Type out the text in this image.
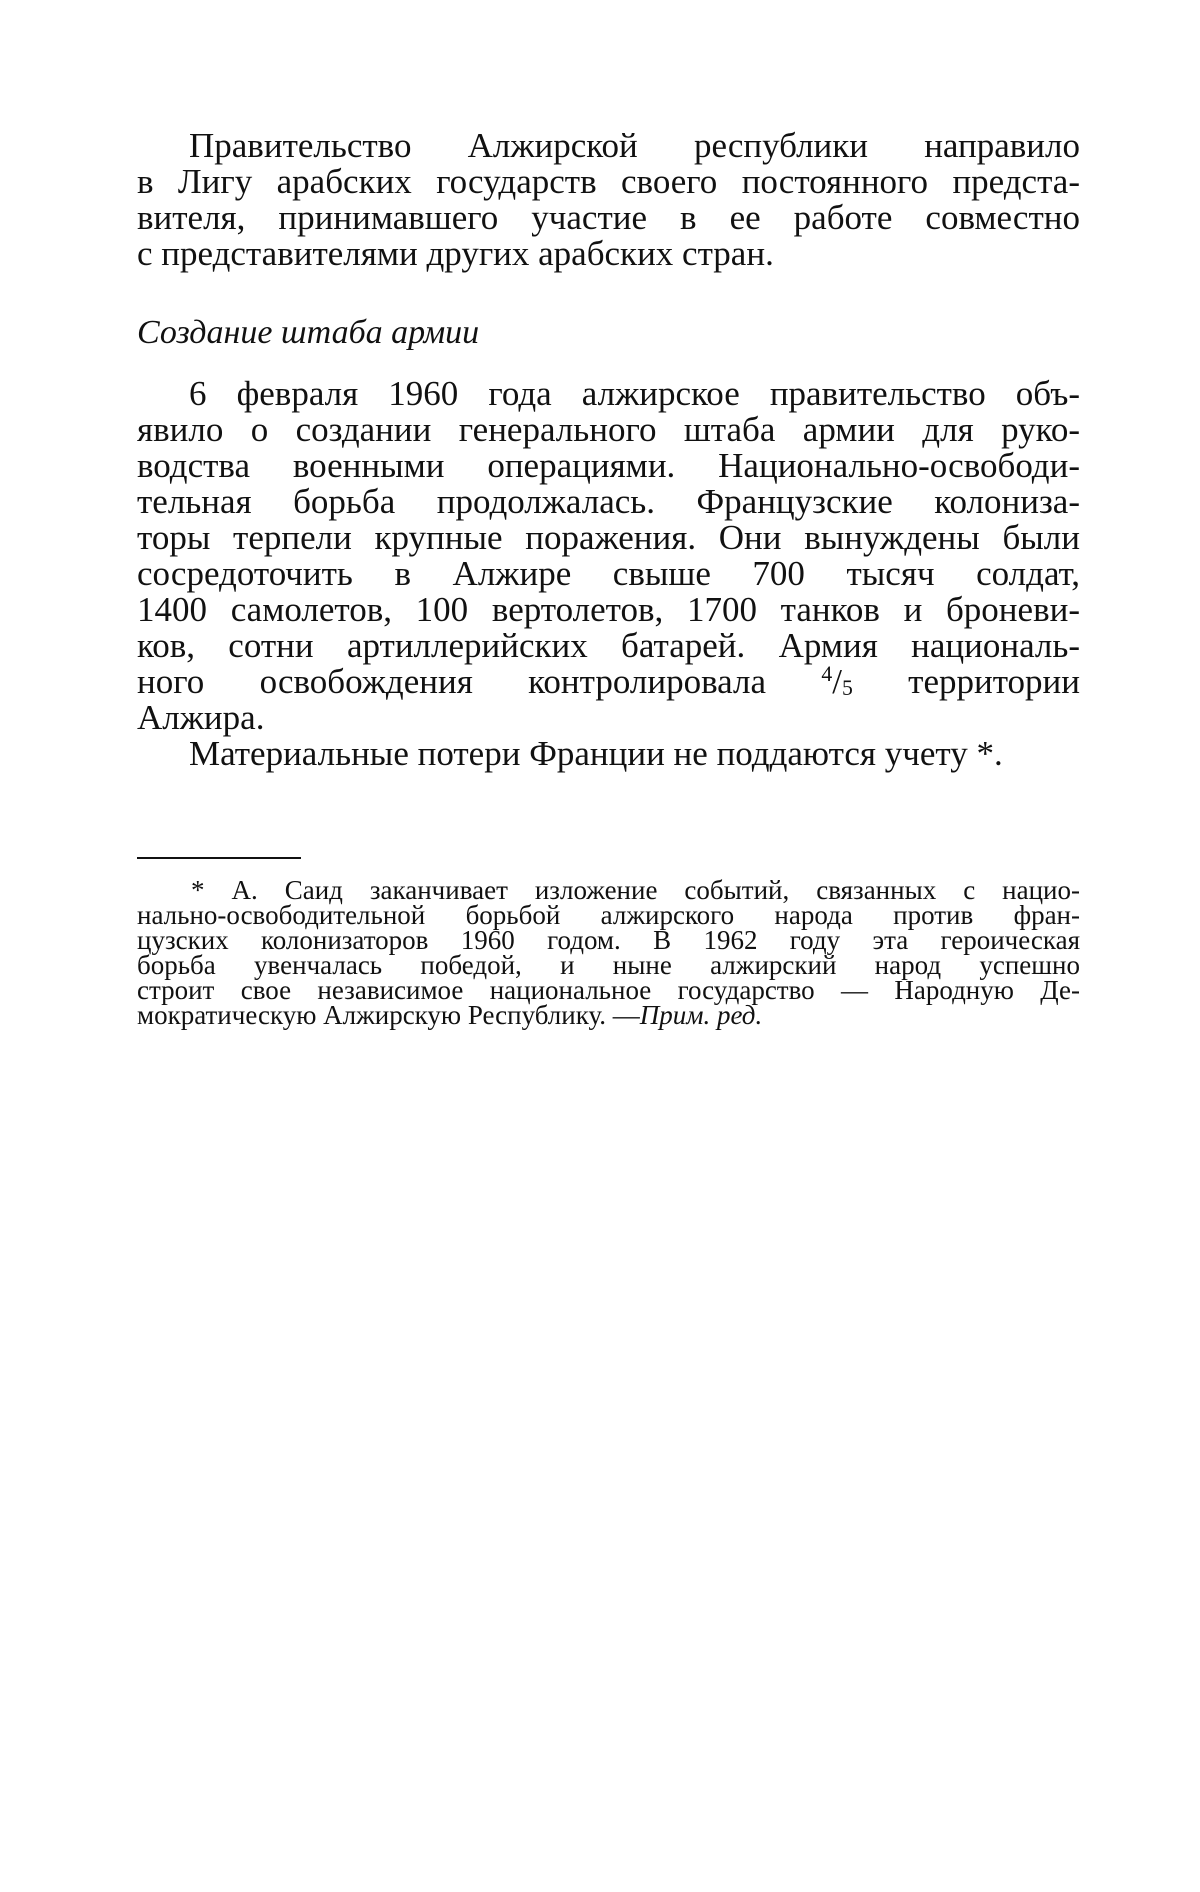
Правительство Алжирской республики направило
в Лигу арабских государств своего постоянного предста-
вителя, принимавшего участие в ее работе совместно
с представителями других арабских стран.
Создание штаба армии
6 февраля 1960 года алжирское правительство объ-
явило о создании генерального штаба армии для руко-
водства военными операциями. Национально-освободи-
тельная борьба продолжалась. Французские колониза-
торы терпели крупные поражения. Они вынуждены были
сосредоточить в Алжире свыше 700 тысяч солдат,
1400 самолетов, 100 вертолетов, 1700 танков и броневи-
ков, сотни артиллерийских батарей. Армия националь-
ного освобождения контролировала	$^4/_5$ территории
Алжира.
Материальные потери Франции не поддаются учету *.
* А. Саид заканчивает изложение событий, связанных с нацио-
нально-освободительной борьбой алжирского народа против фран-
цузских колонизаторов 1960 годом. В 1962 году эта героическая
борьба увенчалась победой, и ныне алжирский народ успешно
строит свое независимое национальное государство — Народную Де-
мократическую Алжирскую Республику. —Прим. ред.
